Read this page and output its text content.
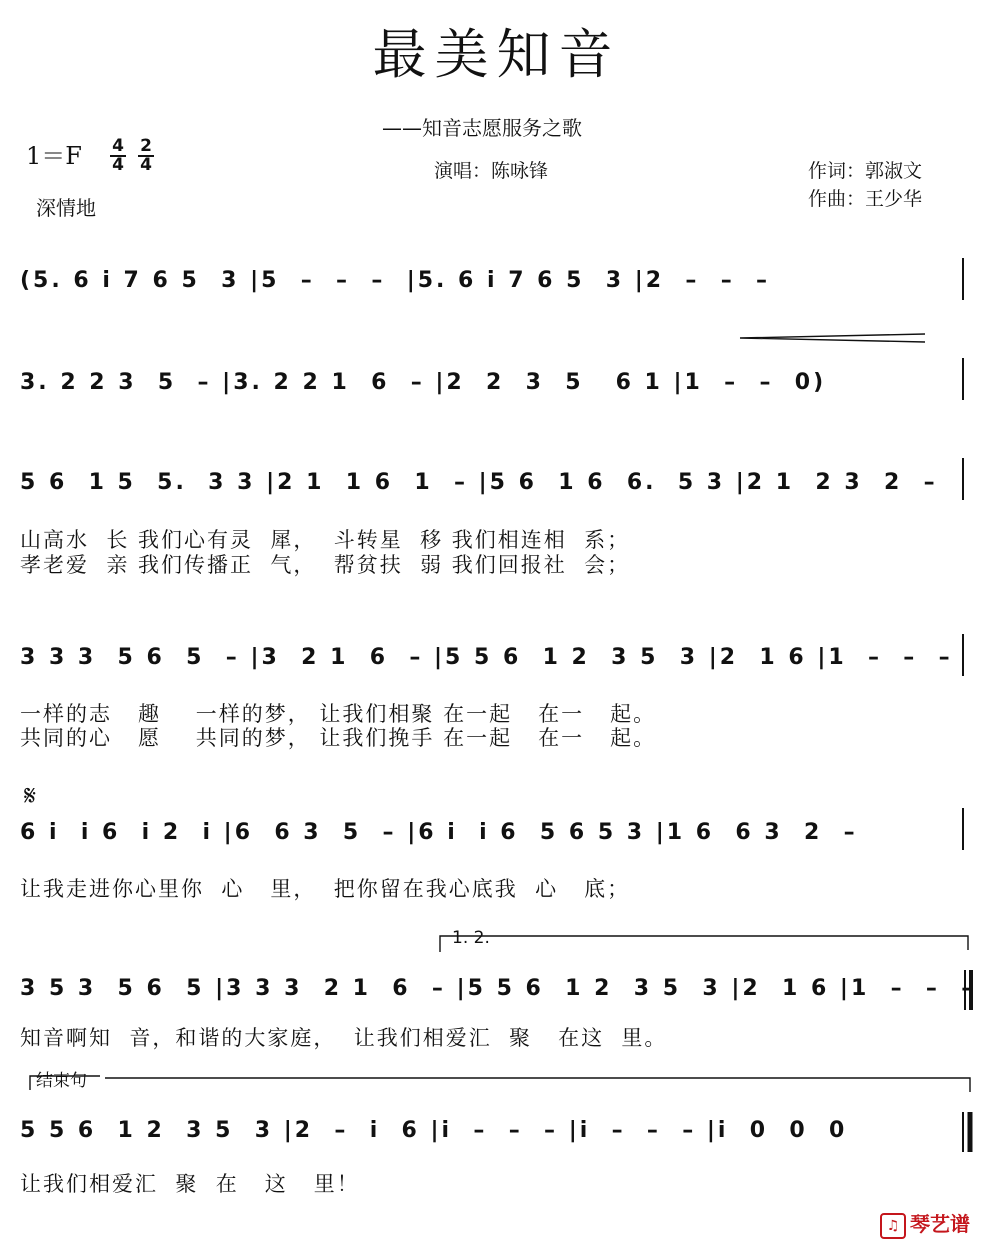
最美知音
——知音志愿服务之歌
1＝F 4
4
2
4
深情地
演唱：陈咏锋	作词：郭淑文
作曲：王少华
(5. 6 i 7 6 5  3 |5  –  –  –  |5. 6 i 7 6 5  3 |2  –  –  –
3. 2 2 3  5  – |3. 2 2 1  6  – |2  2  3  5   6 1 |1  –  –  0)
5 6  1 5  5.  3 3 |2 1  1 6  1  – |5 6  1 6  6.  5 3 |2 1  2 3  2  –
山高水  长 我们心有灵  犀，  斗转星  移 我们相连相  系；
孝老爱  亲 我们传播正  气，  帮贫扶  弱 我们回报社  会；
3 3 3  5 6  5  – |3  2 1  6  – |5 5 6  1 2  3 5  3 |2  1 6 |1  –  –  –
一样的志   趣    一样的梦， 让我们相聚 在一起   在一   起。
共同的心   愿    共同的梦， 让我们挽手 在一起   在一   起。
𝄋
6 i  i 6  i 2  i |6  6 3  5  – |6 i  i 6  5 6 5 3 |1 6  6 3  2  –
让我走进你心里你  心   里，  把你留在我心底我  心   底；
1. 2.
3 5 3  5 6  5 |3 3 3  2 1  6  – |5 5 6  1 2  3 5  3 |2  1 6 |1  –  –  –
知音啊知  音，和谐的大家庭，  让我们相爱汇  聚   在这  里。
结束句
5 5 6  1 2  3 5  3 |2  –  i  6 |i  –  –  – |i  –  –  – |i  0  0  0
让我们相爱汇  聚  在   这   里！
♫ 琴艺谱
